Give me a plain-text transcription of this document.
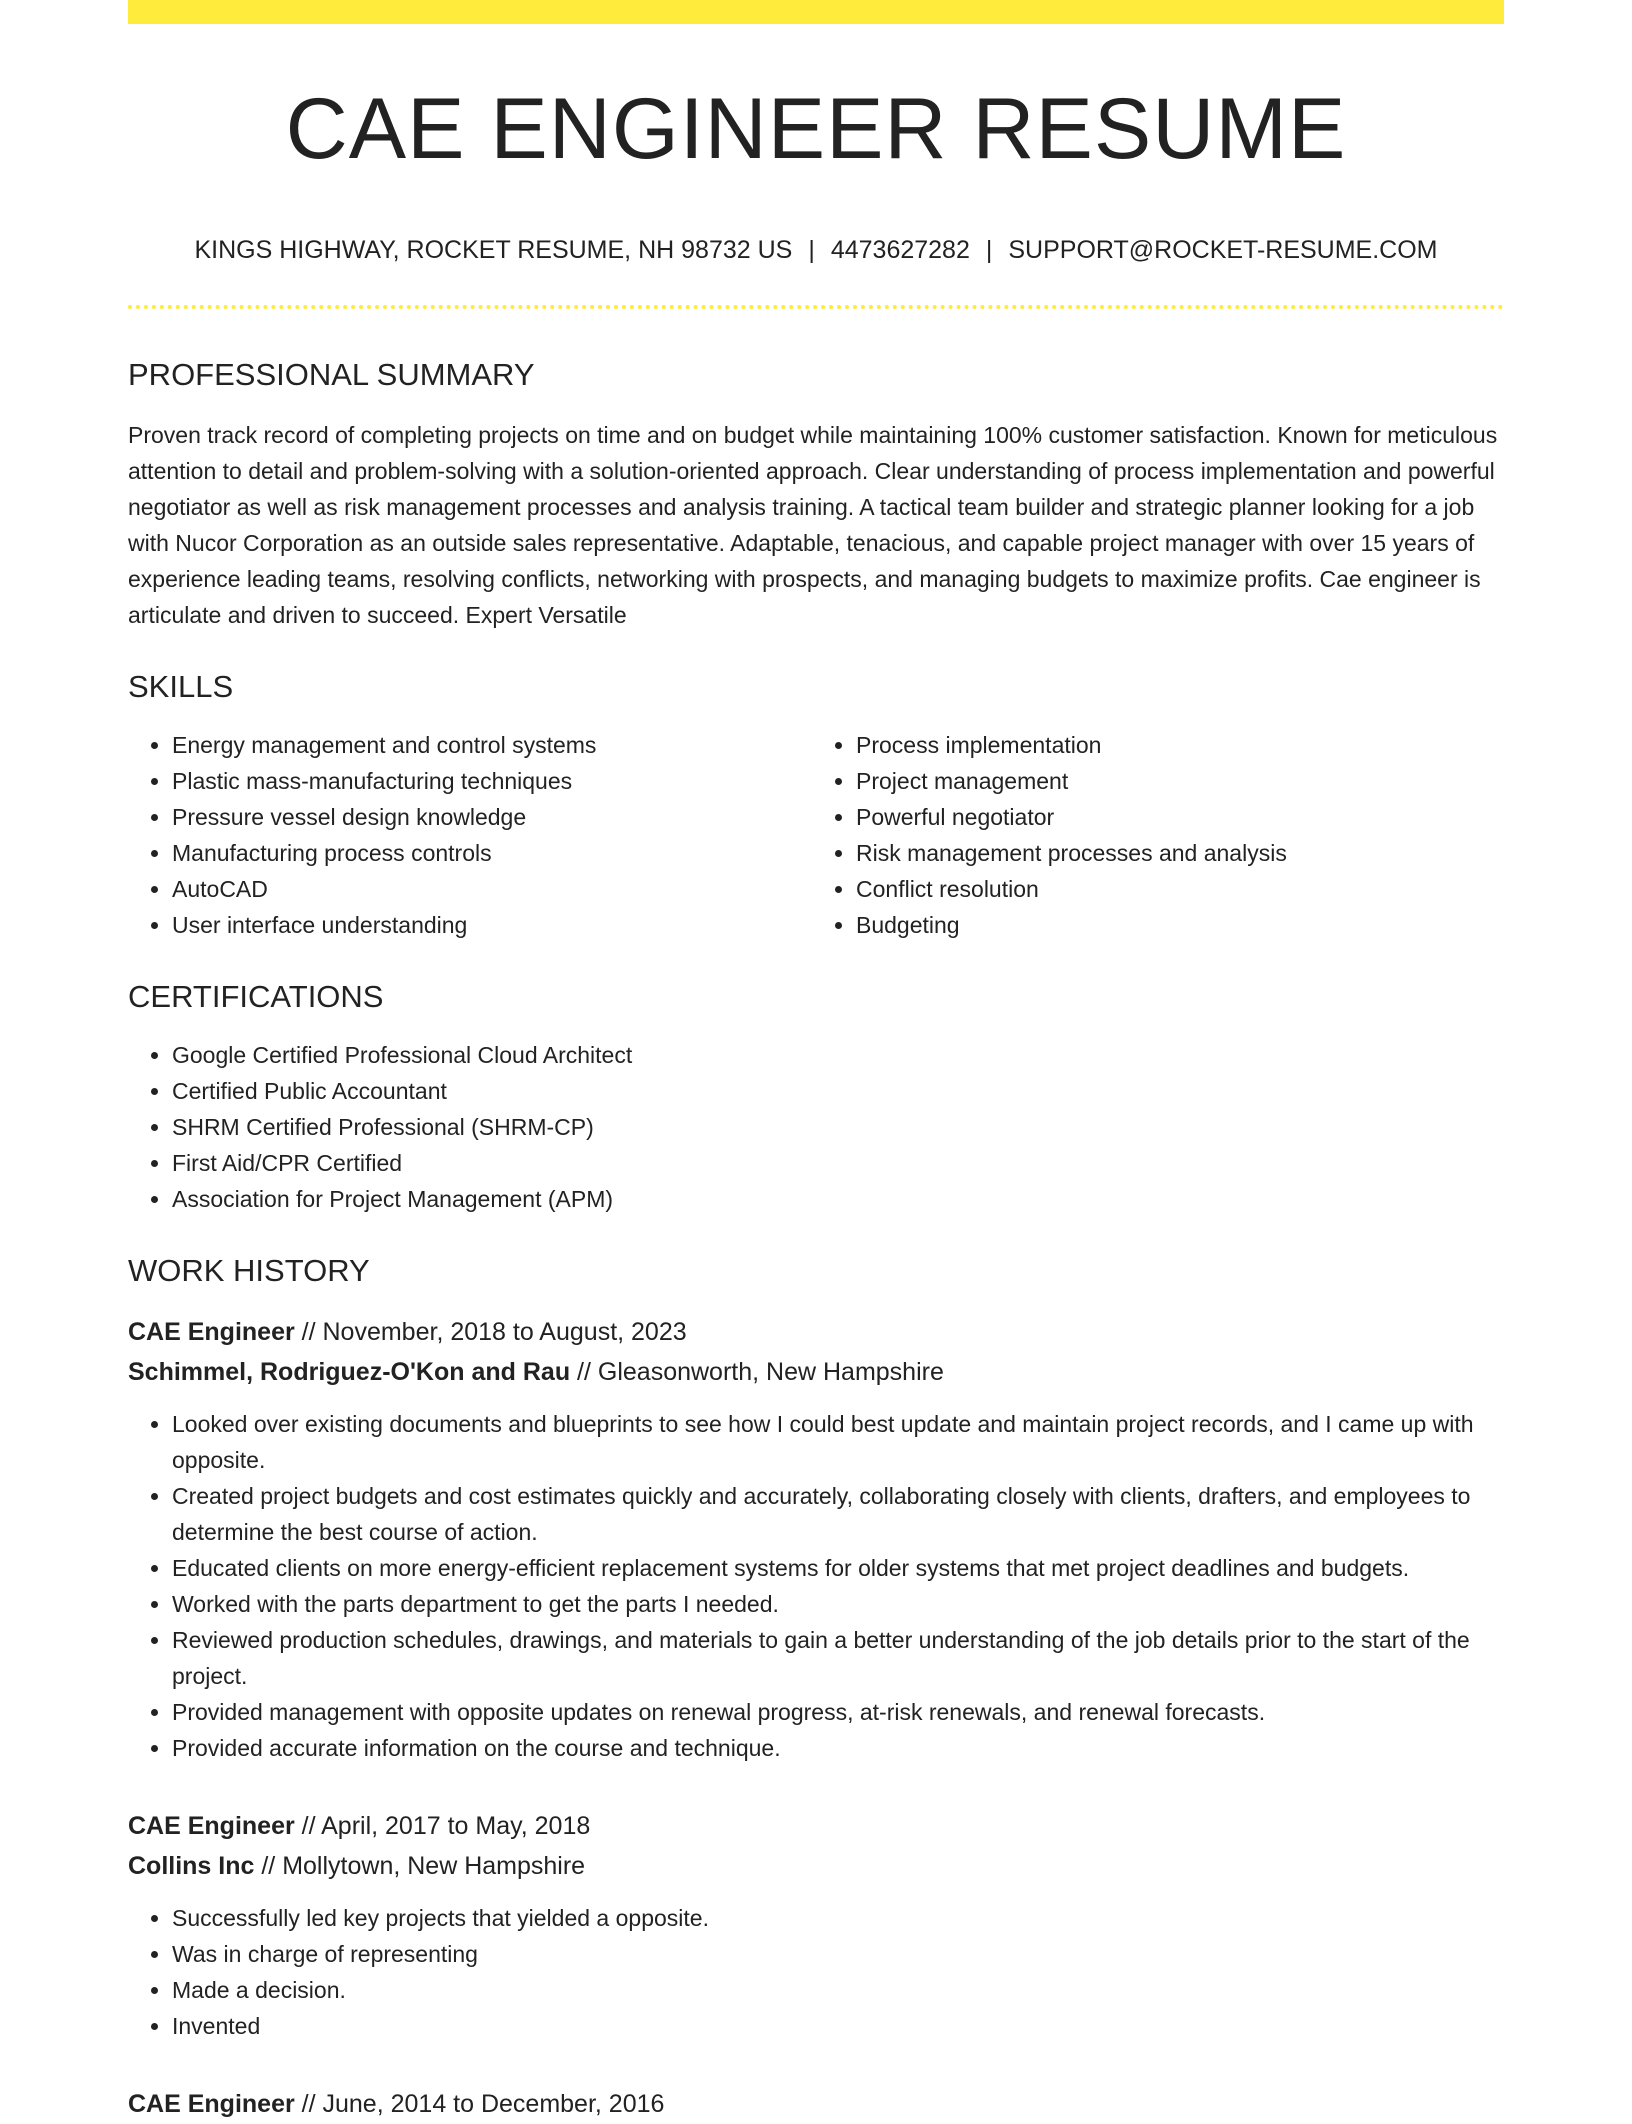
CAE ENGINEER RESUME
KINGS HIGHWAY, ROCKET RESUME, NH 98732 US | 4473627282 | SUPPORT@ROCKET-RESUME.COM
PROFESSIONAL SUMMARY

Proven track record of completing projects on time and on budget while maintaining 100% customer satisfaction. Known for meticulous attention to detail and problem-solving with a solution-oriented approach. Clear understanding of process implementation and powerful negotiator as well as risk management processes and analysis training. A tactical team builder and strategic planner looking for a job with Nucor Corporation as an outside sales representative. Adaptable, tenacious, and capable project manager with over 15 years of experience leading teams, resolving conflicts, networking with prospects, and managing budgets to maximize profits. Cae engineer is articulate and driven to succeed. Expert Versatile

SKILLS
• Energy management and control systems
• Plastic mass-manufacturing techniques
• Pressure vessel design knowledge
• Manufacturing process controls
• AutoCAD
• User interface understanding
• Process implementation
• Project management
• Powerful negotiator
• Risk management processes and analysis
• Conflict resolution
• Budgeting
CERTIFICATIONS
• Google Certified Professional Cloud Architect
• Certified Public Accountant
• SHRM Certified Professional (SHRM-CP)
• First Aid/CPR Certified
• Association for Project Management (APM)
WORK HISTORY
CAE Engineer // November, 2018 to August, 2023
Schimmel, Rodriguez-O'Kon and Rau // Gleasonworth, New Hampshire
• Looked over existing documents and blueprints to see how I could best update and maintain project records, and I came up with opposite.
• Created project budgets and cost estimates quickly and accurately, collaborating closely with clients, drafters, and employees to determine the best course of action.
• Educated clients on more energy-efficient replacement systems for older systems that met project deadlines and budgets.
• Worked with the parts department to get the parts I needed.
• Reviewed production schedules, drawings, and materials to gain a better understanding of the job details prior to the start of the project.
• Provided management with opposite updates on renewal progress, at-risk renewals, and renewal forecasts.
• Provided accurate information on the course and technique.
CAE Engineer // April, 2017 to May, 2018
Collins Inc // Mollytown, New Hampshire
• Successfully led key projects that yielded a opposite.
• Was in charge of representing
• Made a decision.
• Invented
CAE Engineer // June, 2014 to December, 2016
